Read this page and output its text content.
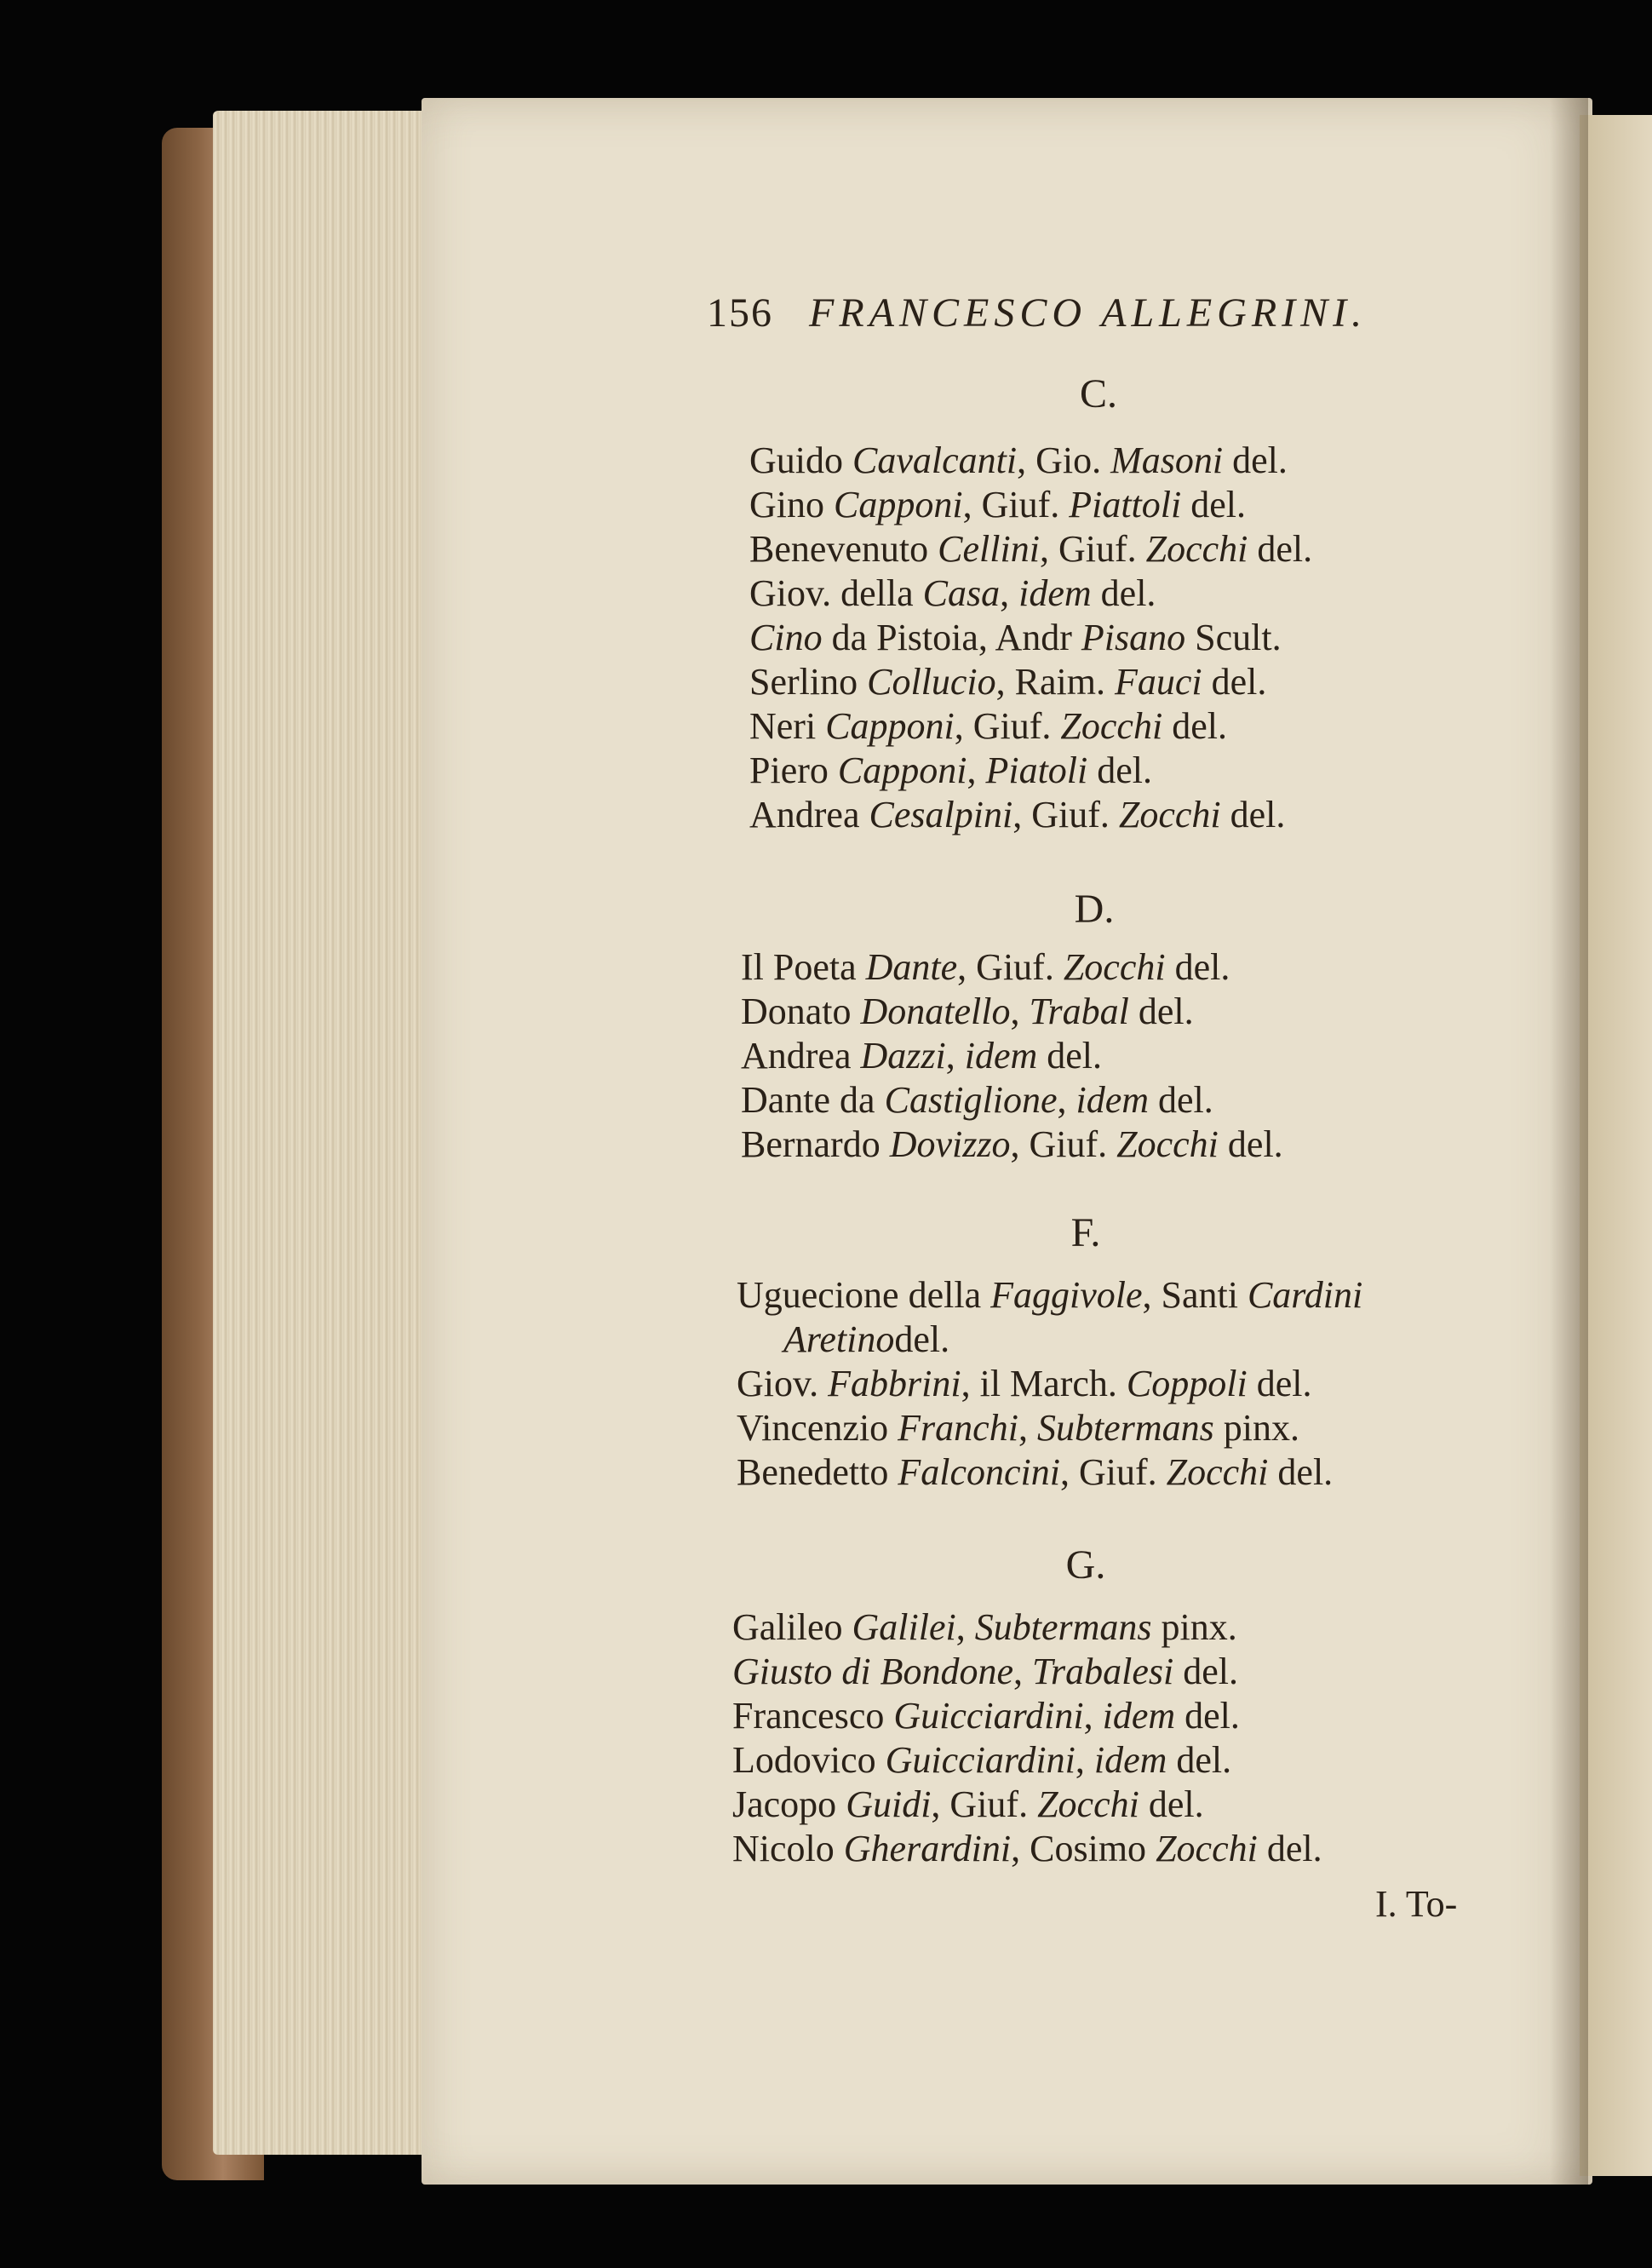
156 FRANCESCO ALLEGRINI.
C.
Guido Cavalcanti, Gio. Masoni del.
Gino Capponi, Giuf. Piattoli del.
Benevenuto Cellini, Giuf. Zocchi del.
Giov. della Casa, idem del.
Cino da Pistoia, Andr Pisano Scult.
Serlino Collucio, Raim. Fauci del.
Neri Capponi, Giuf. Zocchi del.
Piero Capponi, Piatoli del.
Andrea Cesalpini, Giuf. Zocchi del.
D.
Il Poeta Dante, Giuf. Zocchi del.
Donato Donatello, Trabal del.
Andrea Dazzi, idem del.
Dante da Castiglione, idem del.
Bernardo Dovizzo, Giuf. Zocchi del.
F.
Uguecione della Faggivole, Santi Cardini
Aretinodel.
Giov. Fabbrini, il March. Coppoli del.
Vincenzio Franchi, Subtermans pinx.
Benedetto Falconcini, Giuf. Zocchi del.
G.
Galileo Galilei, Subtermans pinx.
Giusto di Bondone, Trabalesi del.
Francesco Guicciardini, idem del.
Lodovico Guicciardini, idem del.
Jacopo Guidi, Giuf. Zocchi del.
Nicolo Gherardini, Cosimo Zocchi del.
I. To-
